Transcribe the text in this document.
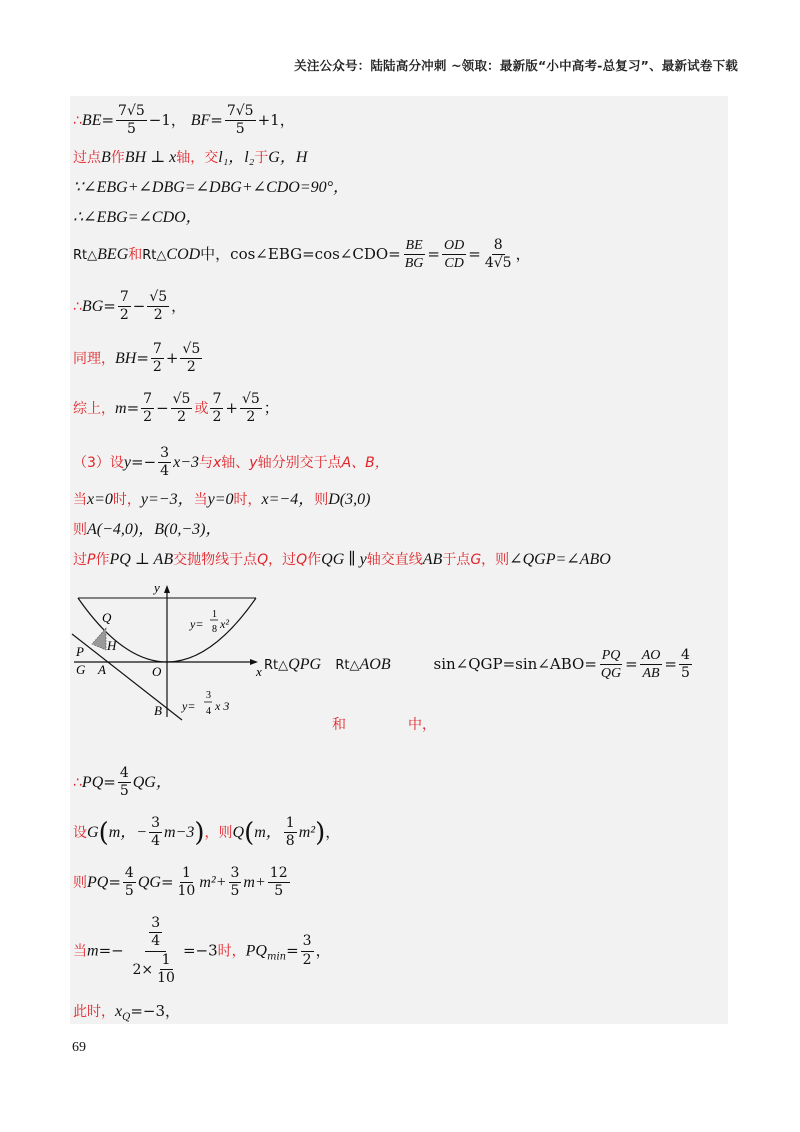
关注公众号：陆陆高分冲刺 ~领取：最新版“小中高考-总复习”、最新试卷下载
∴BE= $\frac{7√5}{5} -1$， $BF= \frac{7√5}{5} +1$，
过点B作BH ⊥ x轴，交l₁，l₂于G，H
∵∠EBG+∠DBG=∠DBG+∠CDO=90°，
∴∠EBG=∠CDO，
Rt△BEG和Rt△COD中，cos∠EBG=cos∠CDO= $\frac{BE}{BG} = \frac{OD}{CD} = \frac{8}{4√5}$ ，
∴BG= $\frac{7}{2} - \frac{√5}{2}$ ，
同理，$BH= \frac{7}{2} + \frac{√5}{2}$
综上，$m= \frac{7}{2} - \frac{√5}{2}$ 或 $\frac{7}{2} + \frac{√5}{2}$ ；
（3）设$y=- \frac{3}{4} x-3$与x轴、y轴分别交于点A、B，
当x=0时，y=−3，当y=0时，x=−4，则D(3,0)
则A(−4,0)，B(0,−3)，
过P作PQ ⊥ AB交抛物线于点Q，过Q作QG ∥ y轴交直线AB于点G，则∠QGP=∠ABO
y
x
O
Q
P H
G A
B
y=
1
8 x²
y=
3
4 x 3
Rt△QPG Rt△AOB	sin∠QGP=sin∠ABO= $\frac{PQ}{QG} = \frac{AO}{AB} = \frac{4}{5}$
和	中，
∴PQ= $\frac{4}{5}$ QG，
设G(m，− $\frac{3}{4} m-3$)，则Q(m， $\frac{1}{8} m^2$)，
则$PQ= \frac{4}{5} QG= \frac{1}{10} m^2+ \frac{3}{5} m+ \frac{12}{5}$
当$m=- \frac{\frac{3}{4}}{2\times \frac{1}{10}} =-3$时，$PQ_{min}= \frac{3}{2}$ ，
此时，$x_Q=-3$，
69
